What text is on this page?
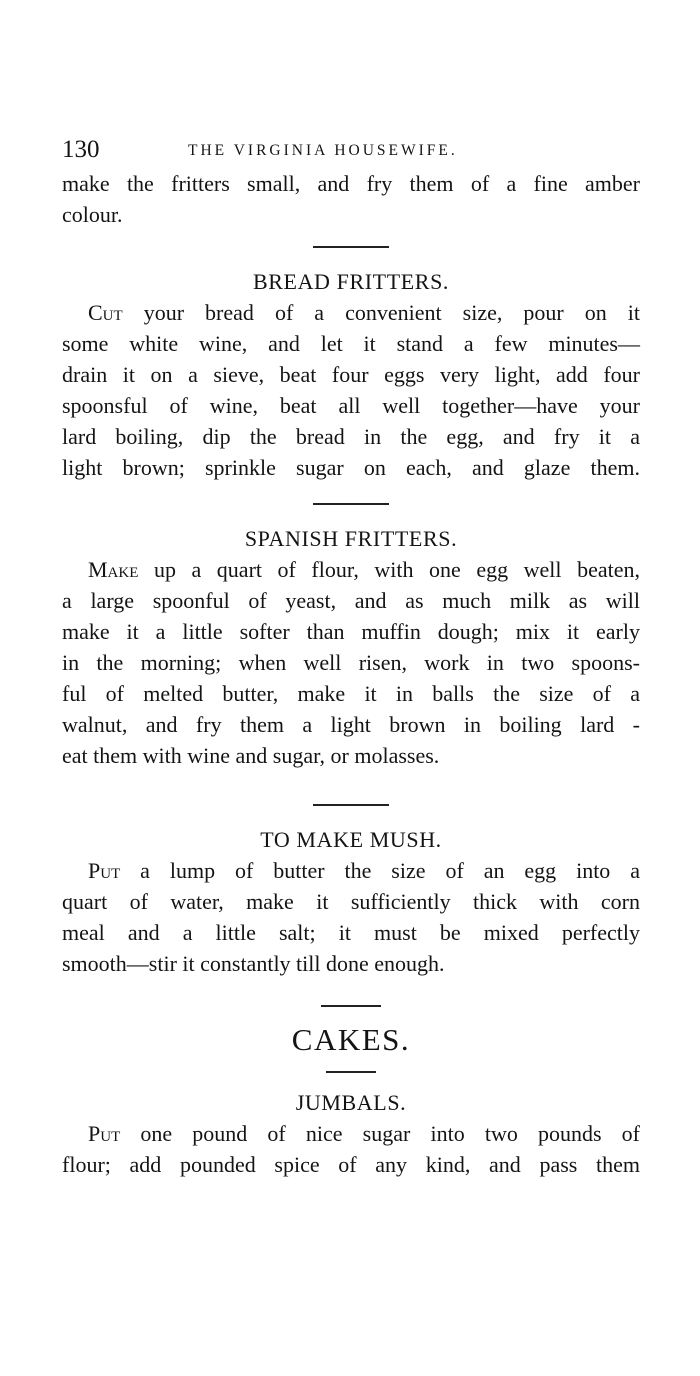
130	THE VIRGINIA HOUSEWIFE.
make the fritters small, and fry them of a fine amber
colour.
BREAD FRITTERS.
Cut your bread of a convenient size, pour on it
some white wine, and let it stand a few minutes—
drain it on a sieve, beat four eggs very light, add four
spoonsful of wine, beat all well together—have your
lard boiling, dip the bread in the egg, and fry it a
light brown; sprinkle sugar on each, and glaze them.
SPANISH FRITTERS.
Make up a quart of flour, with one egg well beaten,
a large spoonful of yeast, and as much milk as will
make it a little softer than muffin dough; mix it early
in the morning; when well risen, work in two spoons-
ful of melted butter, make it in balls the size of a
walnut, and fry them a light brown in boiling lard -
eat them with wine and sugar, or molasses.
TO MAKE MUSH.
Put a lump of butter the size of an egg into a
quart of water, make it sufficiently thick with corn
meal and a little salt; it must be mixed perfectly
smooth—stir it constantly till done enough.
CAKES.
JUMBALS.
Put one pound of nice sugar into two pounds of
flour; add pounded spice of any kind, and pass them
